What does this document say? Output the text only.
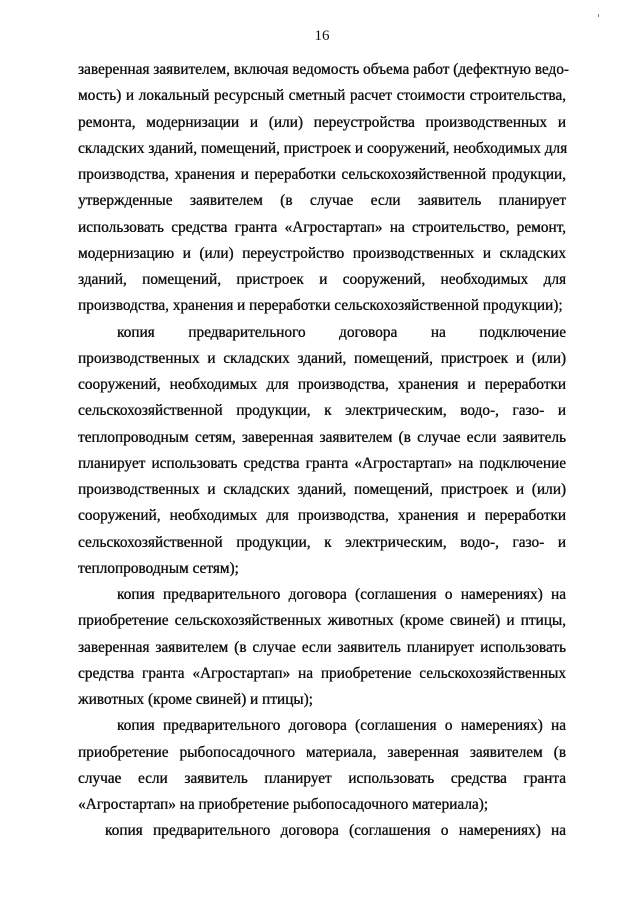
16
заверенная заявителем, включая ведомость объема работ (дефектную ведо-
мость) и локальный ресурсный сметный расчет стоимости строительства,
ремонта, модернизации и (или) переустройства производственных и
складских зданий, помещений, пристроек и сооружений, необходимых для
производства, хранения и переработки сельскохозяйственной продукции,
утвержденные заявителем (в случае если заявитель планирует
использовать средства гранта «Агростартап» на строительство, ремонт,
модернизацию и (или) переустройство производственных и складских
зданий, помещений, пристроек и сооружений, необходимых для
производства, хранения и переработки сельскохозяйственной продукции);
копия предварительного договора на подключение
производственных и складских зданий, помещений, пристроек и (или)
сооружений, необходимых для производства, хранения и переработки
сельскохозяйственной продукции, к электрическим, водо-, газо- и
теплопроводным сетям, заверенная заявителем (в случае если заявитель
планирует использовать средства гранта «Агростартап» на подключение
производственных и складских зданий, помещений, пристроек и (или)
сооружений, необходимых для производства, хранения и переработки
сельскохозяйственной продукции, к электрическим, водо-, газо- и
теплопроводным сетям);
копия предварительного договора (соглашения о намерениях) на
приобретение сельскохозяйственных животных (кроме свиней) и птицы,
заверенная заявителем (в случае если заявитель планирует использовать
средства гранта «Агростартап» на приобретение сельскохозяйственных
животных (кроме свиней) и птицы);
копия предварительного договора (соглашения о намерениях) на
приобретение рыбопосадочного материала, заверенная заявителем (в
случае если заявитель планирует использовать средства гранта
«Агростартап» на приобретение рыбопосадочного материала);
копия предварительного договора (соглашения о намерениях) на
